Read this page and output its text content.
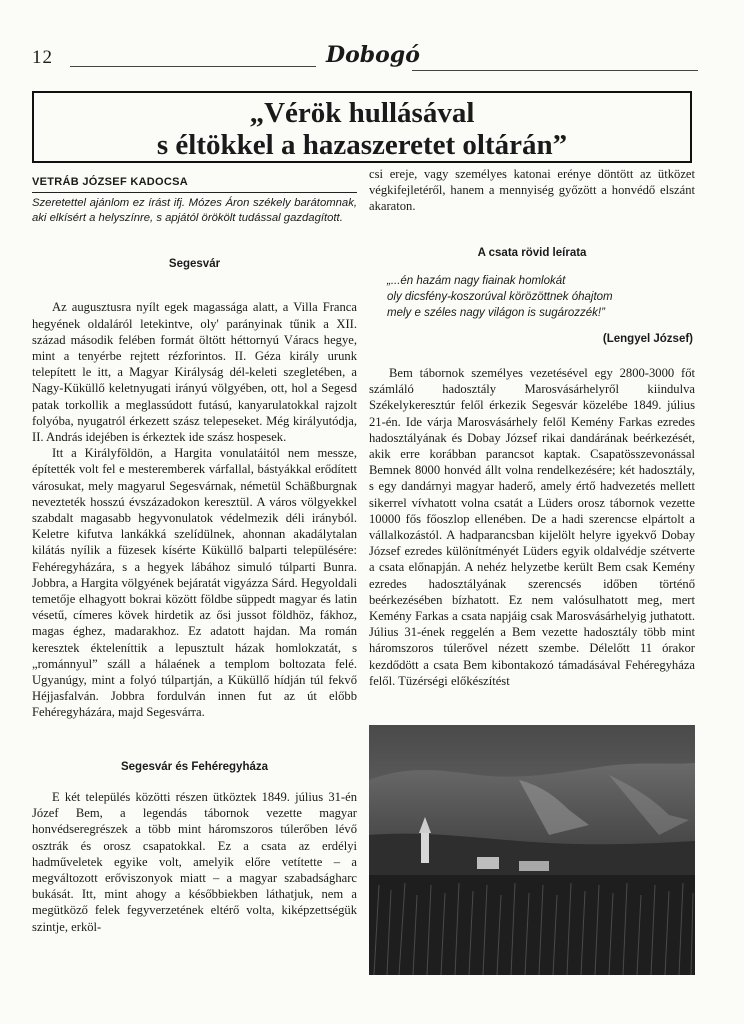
12	Dobogó
„Vérök hullásával
s éltökkel a hazaszeretet oltárán”
VETRÁB JÓZSEF KADOCSA
Szeretettel ajánlom ez írást ifj. Mózes Áron székely barátomnak, aki elkísért a helyszínre, s apjától örökölt tudással gazdagított.
Segesvár

Az augusztusra nyílt egek magassága alatt, a Villa Franca hegyének oldaláról letekintve, oly' parányinak tűnik a XII. század második felében formát öltött héttornyú Váracs hegye, mint a tenyérbe rejtett rézforintos. II. Géza király urunk telepített le itt, a Magyar Királyság dél-keleti szegletében, a Nagy-Küküllő keletnyugati irányú völgyében, ott, hol a Segesd patak torkollik a meglassúdott futású, kanyarulatokkal rajzolt folyóba, nyugatról érkezett szász telepeseket. Még királyutódja, II. András idejében is érkeztek ide szász hospesek.

Itt a Királyföldön, a Hargita vonulatáitól nem messze, építették volt fel e mesteremberek várfallal, bástyákkal erődített városukat, mely magyarul Segesvárnak, németül Schäßburgnak nevezteték hosszú évszázadokon keresztül. A város völgyekkel szabdalt magasabb hegyvonulatok védelmezik déli irányból. Keletre kifutva lankákká szelídülnek, ahonnan akadálytalan kilátás nyílik a füzesek kísérte Küküllő balparti településére: Fehéregyházára, s a hegyek lábához simuló túlparti Bunra. Jobbra, a Hargita völgyének bejáratát vigyázza Sárd. Hegyoldali temetője elhagyott bokrai között földbe süppedt magyar és latin vésetű, címeres kövek hirdetik az ősi jussot földhöz, fákhoz, magas éghez, madarakhoz. Ez adatott hajdan. Ma román keresztek ékteleníttik a lepusztult házak homlokzatát, s „románnyul” száll a hálaének a templom boltozata felé. Ugyanúgy, mint a folyó túlpartján, a Küküllő hídján túl fekvő Héjjasfalván. Jobbra fordulván innen fut az út előbb Fehéregyházára, majd Segesvárra.

Segesvár és Fehéregyháza

E két település közötti részen ütköztek 1849. július 31-én Józef Bem, a legendás tábornok vezette magyar honvédseregrészek a több mint háromszoros túlerőben lévő osztrák és orosz csapatokkal. Ez a csata az erdélyi hadműveletek egyike volt, amelyik előre vetítette – a megváltozott erőviszonyok miatt – a magyar szabadságharc bukását. Itt, mint ahogy a későbbiekben láthatjuk, nem a megütköző felek fegyverzetének eltérő volta, kiképzettségük szintje, erköl-

csi ereje, vagy személyes katonai erénye döntött az ütközet végkifejletéről, hanem a mennyiség győzött a honvédő elszánt akaraton.

A csata rövid leírata
„...én hazám nagy fiainak homlokát
oly dicsfény-koszorúval körözöttnek óhajtom
mely e széles nagy világon is sugározzék!”
(Lengyel József)

Bem tábornok személyes vezetésével egy 2800-3000 főt számláló hadosztály Marosvásárhelyről kiindulva Székelykeresztúr felől érkezik Segesvár közelébe 1849. július 21-én. Ide várja Marosvásárhely felől Kemény Farkas ezredes hadosztályának és Dobay József rikai dandárának beérkezését, akik erre korábban parancsot kaptak. Csapatösszevonással Bemnek 8000 honvéd állt volna rendelkezésére; két hadosztály, s egy dandárnyi magyar haderő, amely értő hadvezetés mellett sikerrel vívhatott volna csatát a Lüders orosz tábornok vezette 10000 fős főoszlop ellenében. De a hadi szerencse elpártolt a vállalkozástól. A hadparancsban kijelölt helyre igyekvő Dobay József ezredes különítményét Lüders egyik oldalvédje szétverte a csata előnapján. A nehéz helyzetbe került Bem csak Kemény ezredes hadosztályának szerencsés időben történő beérkezésében bízhatott. Ez nem valósulhatott meg, mert Kemény Farkas a csata napjáig csak Marosvásárhelyig juthatott. Július 31-ének reggelén a Bem vezette hadosztály több mint háromszoros túlerővel nézett szembe. Délelőtt 11 órakor kezdődött a csata Bem kibontakozó támadásával Fehéregyháza felől. Tüzérségi előkészítést
